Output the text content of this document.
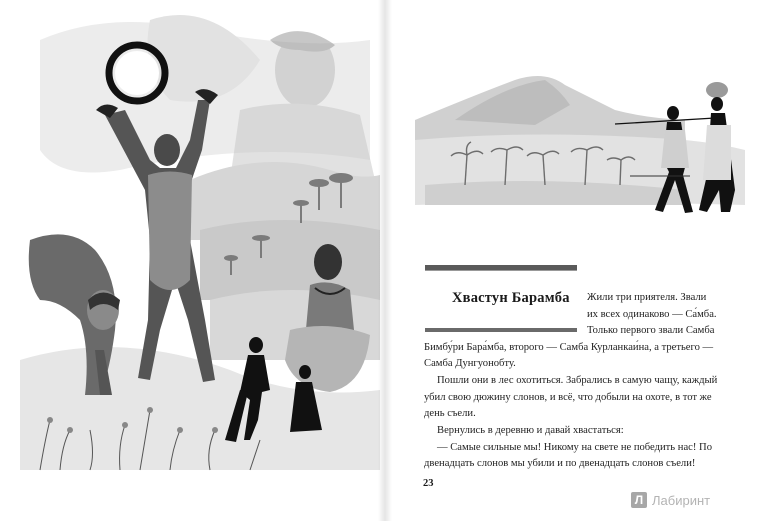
Хвастун Барамба Жили три приятеля. Звали
их всех одинаково — Са́мба.
Только первого звали Самба
Бимбу́ри Бара́мба, второго — Самба Курланкаи́на, а третьего —
Самба Дунгуонобту.
Пошли они в лес охотиться. Забрались в самую чащу, каждый
убил свою дюжину слонов, и всё, что добыли на охоте, в тот же
день съели.
Вернулись в деревню и давай хвастаться:
— Самые сильные мы! Никому на свете не победить нас! По
двенадцать слонов мы убили и по двенадцать слонов съели!
23
Л Лабиринт
